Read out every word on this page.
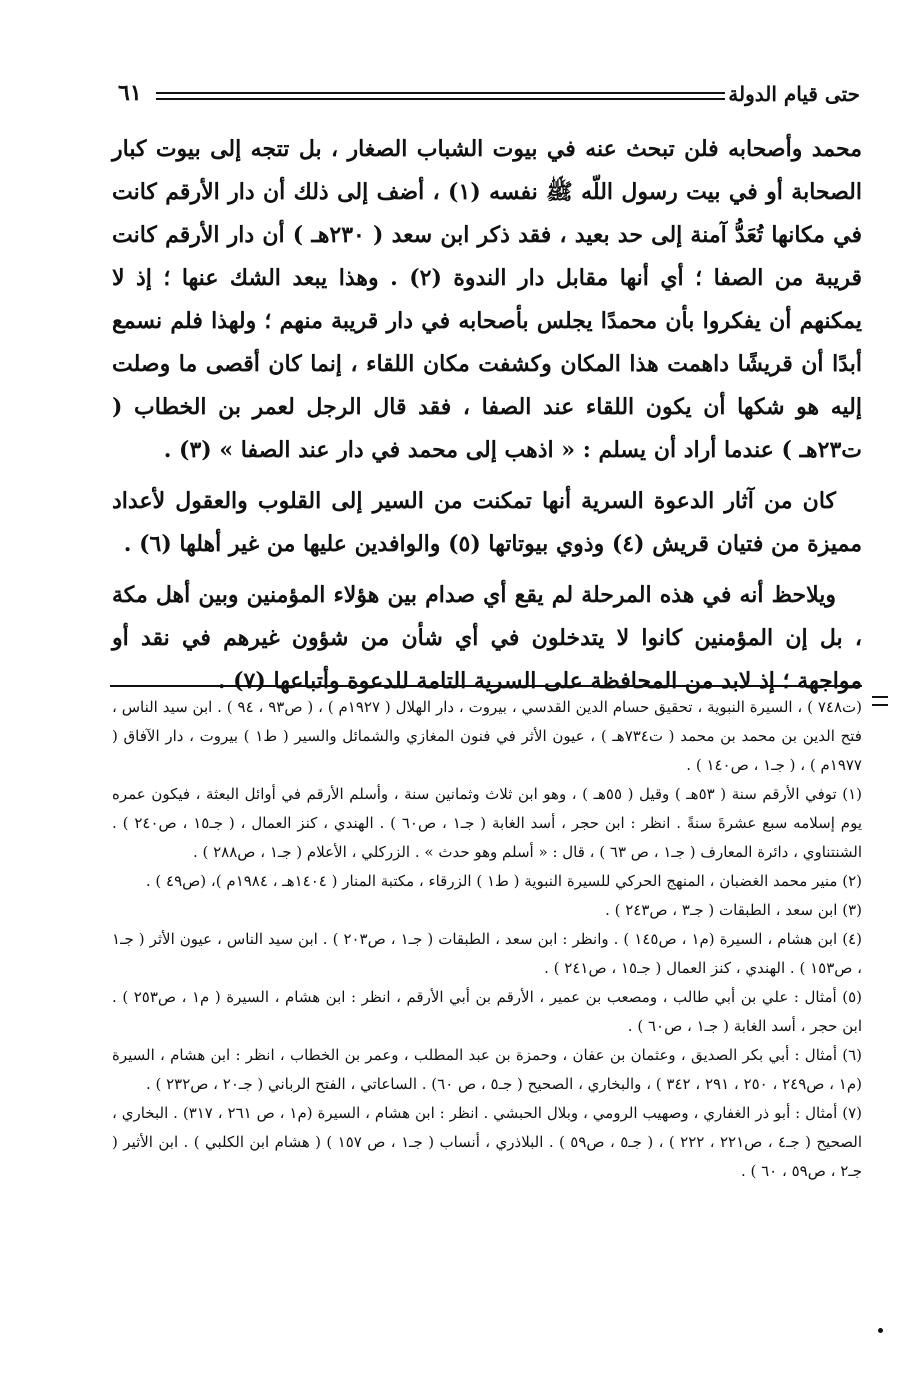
حتى قيام الدولة
٦١

محمد وأصحابه فلن تبحث عنه في بيوت الشباب الصغار ، بل تتجه إلى بيوت كبار الصحابة أو في بيت رسول اللّه ﷺ نفسه (١) ، أضف إلى ذلك أن دار الأرقم كانت في مكانها تُعَدُّ آمنة إلى حد بعيد ، فقد ذكر ابن سعد ( ٢٣٠هـ ) أن دار الأرقم كانت قريبة من الصفا ؛ أي أنها مقابل دار الندوة (٢) . وهذا يبعد الشك عنها ؛ إذ لا يمكنهم أن يفكروا بأن محمدًا يجلس بأصحابه في دار قريبة منهم ؛ ولهذا فلم نسمع أبدًا أن قريشًا داهمت هذا المكان وكشفت مكان اللقاء ، إنما كان أقصى ما وصلت إليه هو شكها أن يكون اللقاء عند الصفا ، فقد قال الرجل لعمر بن الخطاب ( ت٢٣هـ ) عندما أراد أن يسلم : « اذهب إلى محمد في دار عند الصفا » (٣) .

كان من آثار الدعوة السرية أنها تمكنت من السير إلى القلوب والعقول لأعداد مميزة من فتيان قريش (٤) وذوي بيوتاتها (٥) والوافدين عليها من غير أهلها (٦) .

ويلاحظ أنه في هذه المرحلة لم يقع أي صدام بين هؤلاء المؤمنين وبين أهل مكة ، بل إن المؤمنين كانوا لا يتدخلون في أي شأن من شؤون غيرهم في نقد أو مواجهة ؛ إذ لابد من المحافظة على السرية التامة للدعوة وأتباعها (٧) .

(ت٧٤٨ ) ، السيرة النبوية ، تحقيق حسام الدين القدسي ، بيروت ، دار الهلال ( ١٩٢٧م ) ، ( ص٩٣ ، ٩٤ ) . ابن سيد الناس ، فتح الدين بن محمد بن محمد ( ت٧٣٤هـ ) ، عيون الأثر في فنون المغازي والشمائل والسير ( ط١ ) بيروت ، دار الآفاق ( ١٩٧٧م ) ، ( جـ١ ، ص١٤٠ ) .

(١) توفي الأرقم سنة ( ٥٣هـ ) وقيل ( ٥٥هـ ) ، وهو ابن ثلاث وثمانين سنة ، وأسلم الأرقم في أوائل البعثة ، فيكون عمره يوم إسلامه سبع عشرةَ سنةً . انظر : ابن حجر ، أسد الغابة ( جـ١ ، ص٦٠ ) . الهندي ، كنز العمال ، ( جـ١٥ ، ص٢٤٠ ) . الشنتناوي ، دائرة المعارف ( جـ١ ، ص ٦٣ ) ، قال : « أسلم وهو حدث » . الزركلي ، الأعلام ( جـ١ ، ص٢٨٨ ) .

(٢) منير محمد الغضبان ، المنهج الحركي للسيرة النبوية ( ط١ ) الزرقاء ، مكتبة المنار ( ١٤٠٤هـ ، ١٩٨٤م )، (ص٤٩ ) .

(٣) ابن سعد ، الطبقات ( جـ٣ ، ص٢٤٣ ) .

(٤) ابن هشام ، السيرة (م١ ، ص١٤٥ ) . وانظر : ابن سعد ، الطبقات ( جـ١ ، ص٢٠٣ ) . ابن سيد الناس ، عيون الأثر ( جـ١ ، ص١٥٣ ) . الهندي ، كنز العمال ( جـ١٥ ، ص٢٤١ ) .

(٥) أمثال : علي بن أبي طالب ، ومصعب بن عمير ، الأرقم بن أبي الأرقم ، انظر : ابن هشام ، السيرة ( م١ ، ص٢٥٣ ) . ابن حجر ، أسد الغابة ( جـ١ ، ص٦٠ ) .

(٦) أمثال : أبي بكر الصديق ، وعثمان بن عفان ، وحمزة بن عبد المطلب ، وعمر بن الخطاب ، انظر : ابن هشام ، السيرة (م١ ، ص٢٤٩ ، ٢٥٠ ، ٢٩١ ، ٣٤٢ ) ، والبخاري ، الصحيح ( جـ٥ ، ص ٦٠) . الساعاتي ، الفتح الرباني ( جـ٢٠ ، ص٢٣٢ ) .

(٧) أمثال : أبو ذر الغفاري ، وصهيب الرومي ، وبلال الحبشي . انظر : ابن هشام ، السيرة (م١ ، ص ٢٦١ ، ٣١٧) . البخاري ، الصحيح ( جـ٤ ، ص٢٢١ ، ٢٢٢ ) ، ( جـ٥ ، ص٥٩ ) . البلاذري ، أنساب ( جـ١ ، ص ١٥٧ ) ( هشام ابن الكلبي ) . ابن الأثير ( جـ٢ ، ص٥٩ ، ٦٠ ) .
